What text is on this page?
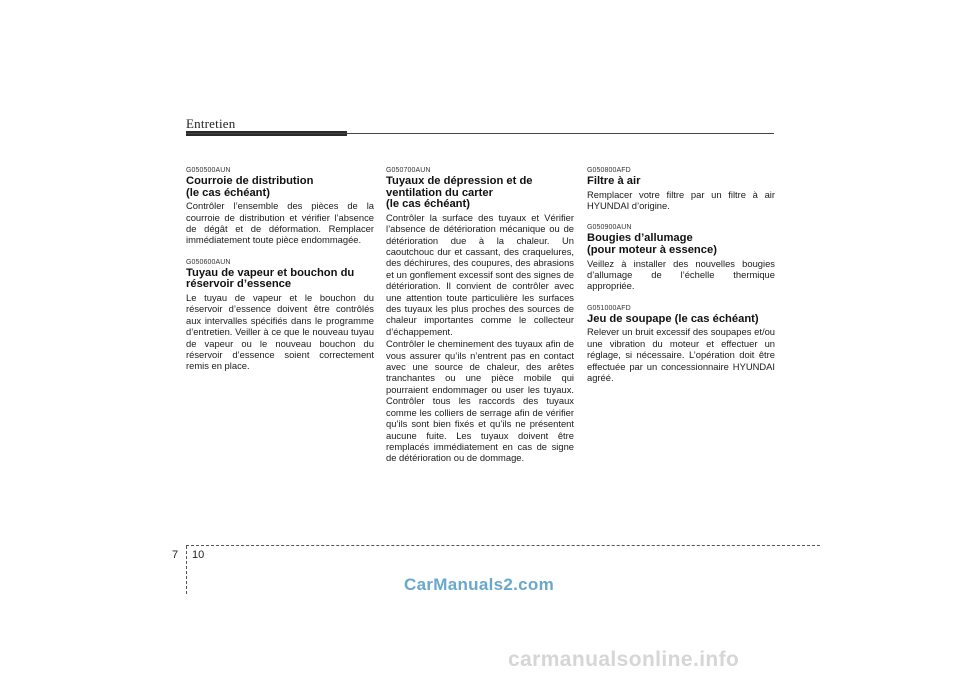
Entretien
G050500AUN
Courroie de distribution
(le cas échéant)

Contrôler l’ensemble des pièces de la courroie de distribution et vérifier l’absence de dégât et de déformation. Remplacer immédiatement toute pièce endommagée.

G050600AUN
Tuyau de vapeur et bouchon du
réservoir d’essence

Le tuyau de vapeur et le bouchon du réservoir d’essence doivent être contrôlés aux intervalles spécifiés dans le programme d’entretien. Veiller à ce que le nouveau tuyau de vapeur ou le nouveau bouchon du réservoir d’essence soient correctement remis en place.

G050700AUN
Tuyaux de dépression et de
ventilation du carter
(le cas échéant)

Contrôler la surface des tuyaux et Vérifier l’absence de détérioration mécanique ou de détérioration due à la chaleur. Un caoutchouc dur et cassant, des craquelures, des déchirures, des coupures, des abrasions et un gonflement excessif sont des signes de détérioration. Il convient de contrôler avec une attention toute particulière les surfaces des tuyaux les plus proches des sources de chaleur importantes comme le collecteur d’échappement.

Contrôler le cheminement des tuyaux afin de vous assurer qu’ils n’entrent pas en contact avec une source de chaleur, des arêtes tranchantes ou une pièce mobile qui pourraient endommager ou user les tuyaux. Contrôler tous les raccords des tuyaux comme les colliers de serrage afin de vérifier qu’ils sont bien fixés et qu’ils ne présentent aucune fuite. Les tuyaux doivent être remplacés immédiatement en cas de signe de détérioration ou de dommage.

G050800AFD
Filtre à air

Remplacer votre filtre par un filtre à air HYUNDAI d’origine.

G050900AUN
Bougies d’allumage
(pour moteur à essence)

Veillez à installer des nouvelles bougies d’allumage de l’échelle thermique appropriée.

G051000AFD
Jeu de soupape (le cas échéant)

Relever un bruit excessif des soupapes et/ou une vibration du moteur et effectuer un réglage, si nécessaire. L’opération doit être effectuée par un concessionnaire HYUNDAI agréé.

7 10
CarManuals2.com
carmanualsonline.info
